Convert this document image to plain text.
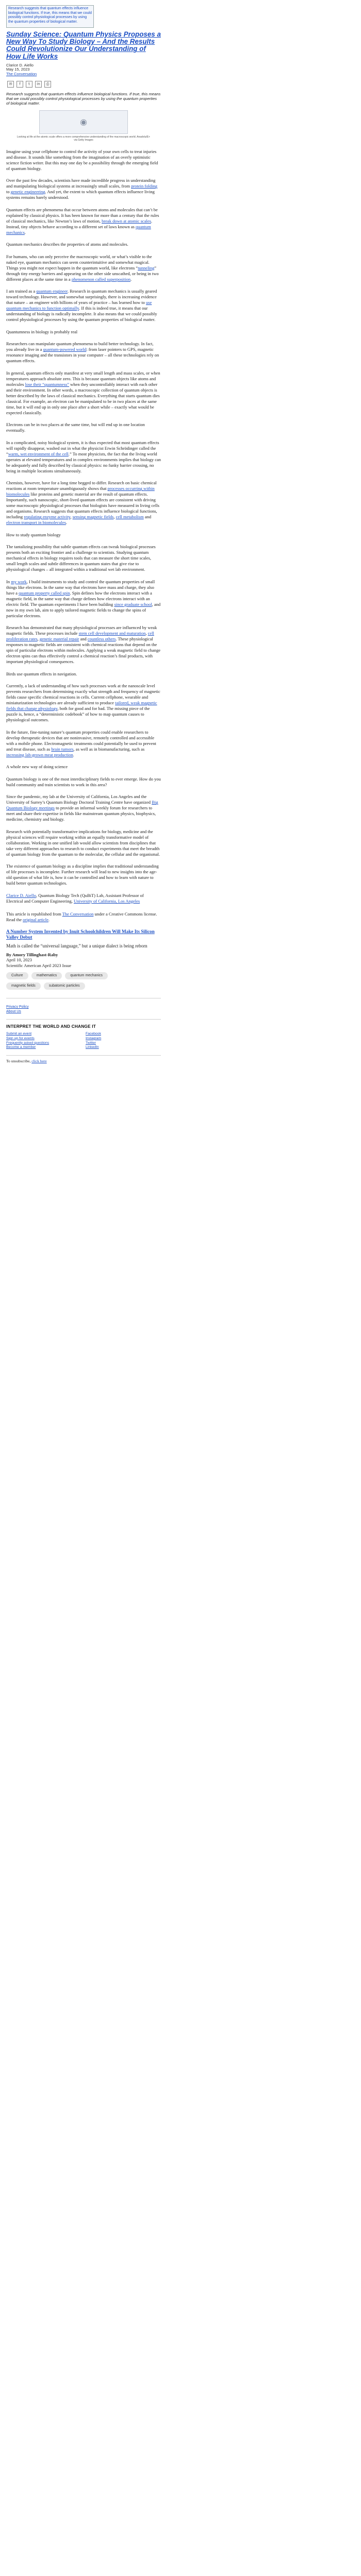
Research suggests that quantum effects influence biological functions. If true, this means that we could possibly control physiological processes by using the quantum properties of biological matter.
Sunday Science: Quantum Physics Proposes a New Way To Study Biology – And the Results Could Revolutionize Our Understanding of How Life Works
Clarice D. Aiello
May 15, 2023
The Conversation
✉	f	t	in	⎙
Research suggests that quantum effects influence biological functions. If true, this means that we could possibly control physiological processes by using the quantum properties of biological matter.
◉
Looking at life at the atomic scale offers a more comprehensive understanding of the macroscopic world. Anadolu/E+ via Getty Images

Imagine using your cellphone to control the activity of your own cells to treat injuries and disease. It sounds like something from the imagination of an overly optimistic science fiction writer. But this may one day be a possibility through the emerging field of quantum biology.

Over the past few decades, scientists have made incredible progress in understanding and manipulating biological systems at increasingly small scales, from protein folding to genetic engineering. And yet, the extent to which quantum effects influence living systems remains barely understood.

Quantum effects are phenomena that occur between atoms and molecules that can’t be explained by classical physics. It has been known for more than a century that the rules of classical mechanics, like Newton’s laws of motion, break down at atomic scales. Instead, tiny objects behave according to a different set of laws known as quantum mechanics.

Quantum mechanics describes the properties of atoms and molecules.

For humans, who can only perceive the macroscopic world, or what’s visible to the naked eye, quantum mechanics can seem counterintuitive and somewhat magical. Things you might not expect happen in the quantum world, like electrons “tunneling” through tiny energy barriers and appearing on the other side unscathed, or being in two different places at the same time in a phenomenon called superposition.

I am trained as a quantum engineer. Research in quantum mechanics is usually geared toward technology. However, and somewhat surprisingly, there is increasing evidence that nature – an engineer with billions of years of practice – has learned how to use quantum mechanics to function optimally. If this is indeed true, it means that our understanding of biology is radically incomplete. It also means that we could possibly control physiological processes by using the quantum properties of biological matter.

Quantumness in biology is probably real

Researchers can manipulate quantum phenomena to build better technology. In fact, you already live in a quantum-powered world: from laser pointers to GPS, magnetic resonance imaging and the transistors in your computer – all these technologies rely on quantum effects.

In general, quantum effects only manifest at very small length and mass scales, or when temperatures approach absolute zero. This is because quantum objects like atoms and molecules lose their “quantumness” when they uncontrollably interact with each other and their environment. In other words, a macroscopic collection of quantum objects is better described by the laws of classical mechanics. Everything that starts quantum dies classical. For example, an electron can be manipulated to be in two places at the same time, but it will end up in only one place after a short while – exactly what would be expected classically.

Electrons can be in two places at the same time, but will end up in one location eventually.

In a complicated, noisy biological system, it is thus expected that most quantum effects will rapidly disappear, washed out in what the physicist Erwin Schrödinger called the “warm, wet environment of the cell.” To most physicists, the fact that the living world operates at elevated temperatures and in complex environments implies that biology can be adequately and fully described by classical physics: no funky barrier crossing, no being in multiple locations simultaneously.

Chemists, however, have for a long time begged to differ. Research on basic chemical reactions at room temperature unambiguously shows that processes occurring within biomolecules like proteins and genetic material are the result of quantum effects. Importantly, such nanoscopic, short-lived quantum effects are consistent with driving some macroscopic physiological processes that biologists have measured in living cells and organisms. Research suggests that quantum effects influence biological functions, including regulating enzyme activity, sensing magnetic fields, cell metabolism and electron transport in biomolecules.

How to study quantum biology

The tantalizing possibility that subtle quantum effects can tweak biological processes presents both an exciting frontier and a challenge to scientists. Studying quantum mechanical effects in biology requires tools that can measure the short time scales, small length scales and subtle differences in quantum states that give rise to physiological changes – all integrated within a traditional wet lab environment.

In my work, I build instruments to study and control the quantum properties of small things like electrons. In the same way that electrons have mass and charge, they also have a quantum property called spin. Spin defines how the electrons interact with a magnetic field, in the same way that charge defines how electrons interact with an electric field. The quantum experiments I have been building since graduate school, and now in my own lab, aim to apply tailored magnetic fields to change the spins of particular electrons.

Research has demonstrated that many physiological processes are influenced by weak magnetic fields. These processes include stem cell development and maturation, cell proliferation rates, genetic material repair and countless others. These physiological responses to magnetic fields are consistent with chemical reactions that depend on the spin of particular electrons within molecules. Applying a weak magnetic field to change electron spins can thus effectively control a chemical reaction’s final products, with important physiological consequences.

Birds use quantum effects in navigation.

Currently, a lack of understanding of how such processes work at the nanoscale level prevents researchers from determining exactly what strength and frequency of magnetic fields cause specific chemical reactions in cells. Current cellphone, wearable and miniaturization technologies are already sufficient to produce tailored, weak magnetic fields that change physiology, both for good and for bad. The missing piece of the puzzle is, hence, a “deterministic codebook” of how to map quantum causes to physiological outcomes.

In the future, fine-tuning nature’s quantum properties could enable researchers to develop therapeutic devices that are noninvasive, remotely controlled and accessible with a mobile phone. Electromagnetic treatments could potentially be used to prevent and treat disease, such as brain tumors, as well as in biomanufacturing, such as increasing lab-grown meat production.

A whole new way of doing science

Quantum biology is one of the most interdisciplinary fields to ever emerge. How do you build community and train scientists to work in this area?

Since the pandemic, my lab at the University of California, Los Angeles and the University of Surrey’s Quantum Biology Doctoral Training Centre have organized Big Quantum Biology meetings to provide an informal weekly forum for researchers to meet and share their expertise in fields like mainstream quantum physics, biophysics, medicine, chemistry and biology.

Research with potentially transformative implications for biology, medicine and the physical sciences will require working within an equally transformative model of collaboration. Working in one unified lab would allow scientists from disciplines that take very different approaches to research to conduct experiments that meet the breadth of quantum biology from the quantum to the molecular, the cellular and the organismal.

The existence of quantum biology as a discipline implies that traditional understanding of life processes is incomplete. Further research will lead to new insights into the age-old question of what life is, how it can be controlled and how to learn with nature to build better quantum technologies.

Clarice D. Aiello, Quantum Biology Tech (QuBiT) Lab, Assistant Professor of Electrical and Computer Engineering, University of California, Los Angeles

This article is republished from The Conversation under a Creative Commons license. Read the original article.

A Number System Invented by Inuit Schoolchildren Will Make Its Silicon Valley Debut
Math is called the “universal language,” but a unique dialect is being reborn
By Amory Tillinghast-Raby
April 10, 2023
Scientific American April 2023 Issue
Culture	mathematics	quantum mechanics
magnetic fields	subatomic particles
Privacy Policy
About Us
INTERPRET THE WORLD AND CHANGE IT
Submit an event
Sign up for events
Frequently asked questions
Become a member
Facebook
Instagram
Twitter
LinkedIn
To unsubscribe, click here
